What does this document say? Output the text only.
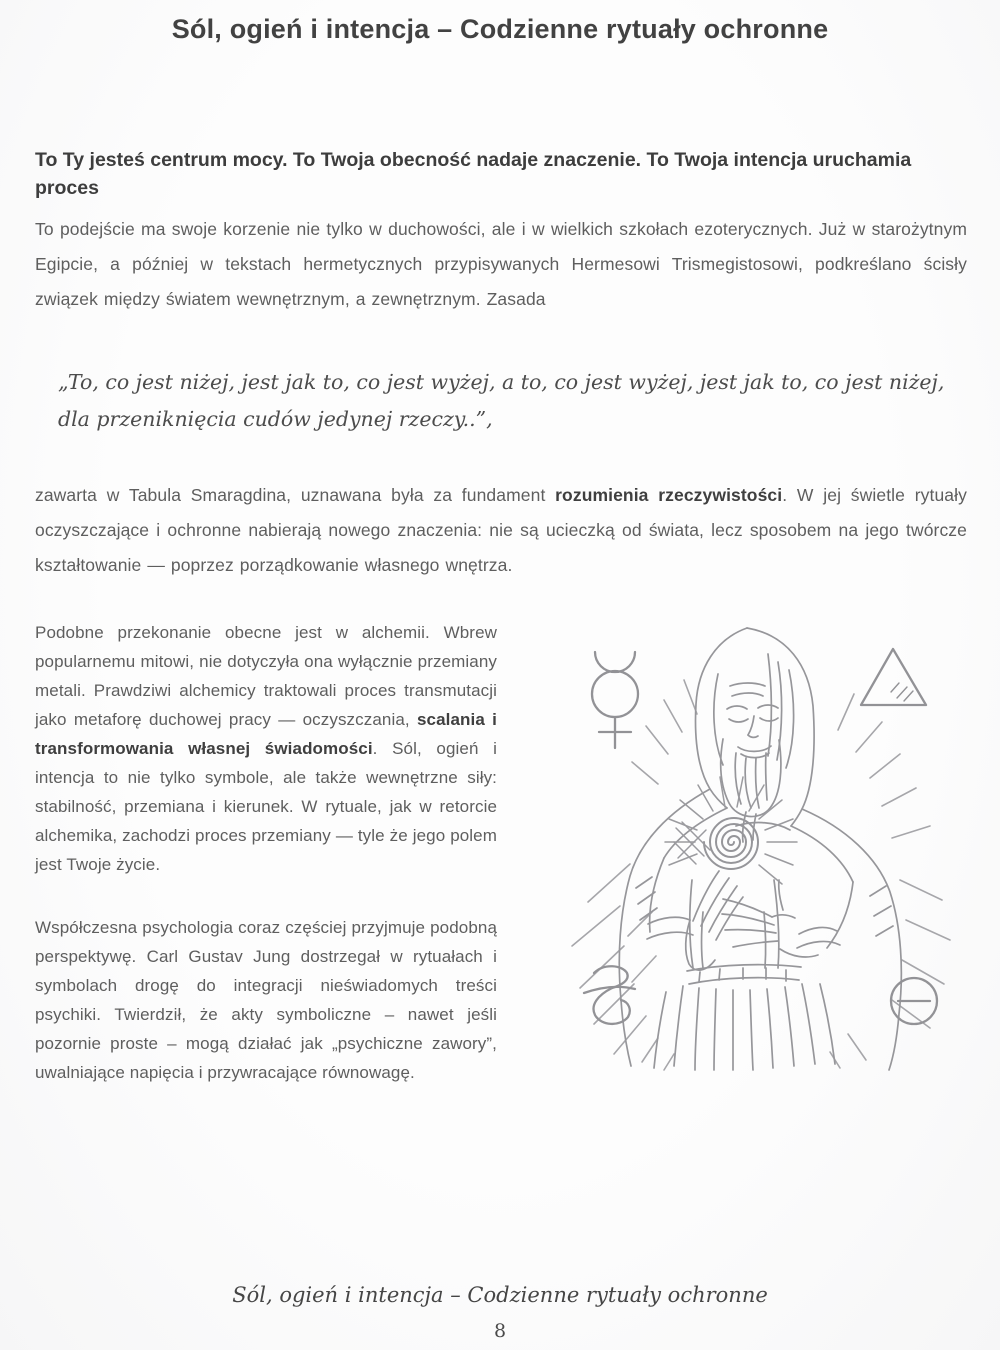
Sól, ogień i intencja – Codzienne rytuały ochronne

To Ty jesteś centrum mocy. To Twoja obecność nadaje znaczenie. To Twoja intencja uruchamia proces

To podejście ma swoje korzenie nie tylko w duchowości, ale i w wielkich szkołach ezoterycznych. Już w starożytnym Egipcie, a później w tekstach hermetycznych przypisywanych Hermesowi Trismegistosowi, podkreślano ścisły związek między światem wewnętrznym, a zewnętrznym. Zasada

„To, co jest niżej, jest jak to, co jest wyżej, a to, co jest wyżej, jest jak to, co jest niżej, dla przeniknięcia cudów jedynej rzeczy..”,

zawarta w Tabula Smaragdina, uznawana była za fundament rozumienia rzeczywistości. W jej świetle rytuały oczyszczające i ochronne nabierają nowego znaczenia: nie są ucieczką od świata, lecz sposobem na jego twórcze kształtowanie — poprzez porządkowanie własnego wnętrza.

Podobne przekonanie obecne jest w alchemii. Wbrew popularnemu mitowi, nie dotyczyła ona wyłącznie przemiany metali. Prawdziwi alchemicy traktowali proces transmutacji jako metaforę duchowej pracy — oczyszczania, scalania i transformowania własnej świadomości. Sól, ogień i intencja to nie tylko symbole, ale także wewnętrzne siły: stabilność, przemiana i kierunek. W rytuale, jak w retorcie alchemika, zachodzi proces przemiany — tyle że jego polem jest Twoje życie.

Współczesna psychologia coraz częściej przyjmuje podobną perspektywę. Carl Gustav Jung dostrzegał w rytuałach i symbolach drogę do integracji nieświadomych treści psychiki. Twierdził, że akty symboliczne – nawet jeśli pozornie proste – mogą działać jak „psychiczne zawory”, uwalniające napięcia i przywracające równowagę.

Sól, ogień i intencja – Codzienne rytuały ochronne
8
